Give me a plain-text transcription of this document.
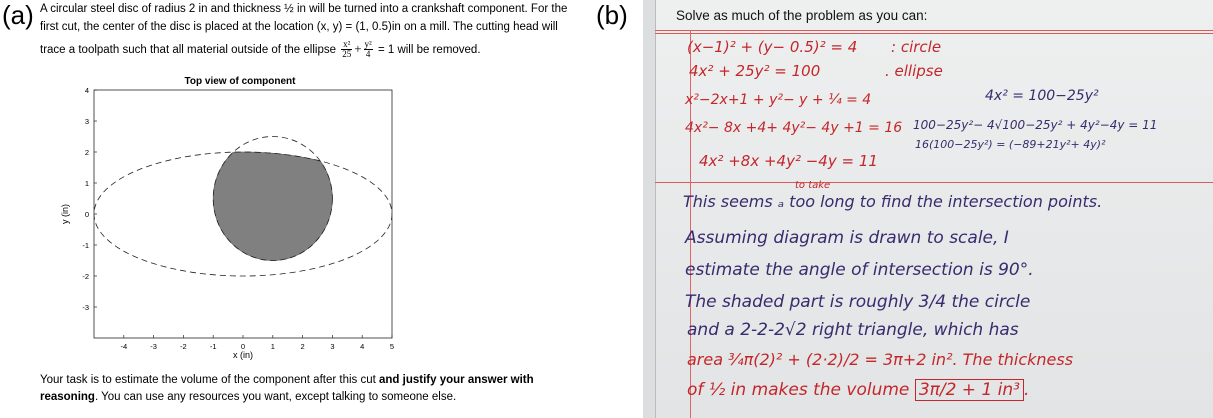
(a) A circular steel disc of radius 2 in and thickness ½ in will be turned into a crankshaft component. For the
first cut, the center of the disc is placed at the location (x, y) = (1, 0.5)in on a mill. The cutting head will
trace a toolpath such that all material outside of the ellipse $\frac{\text{x²}}{25} + \frac{\text{y²}}{4} = 1$ will be removed.
Top view of component
-4	-3	-2	-1	0	1	2	3	4	5
-3
-2
-1
0
1
2
3
4
x (in)
y (in)
Your task is to estimate the volume of the component after this cut and justify your answer with
reasoning. You can use any resources you want, except talking to someone else.
(b)	Solve as much of the problem as you can:
(x−1)² + (y− 0.5)² = 4 : circle
4x² + 25y² = 100	. ellipse
x²−2x+1 + y²− y + ¼ = 4	4x² = 100−25y²
4x²− 8x +4+ 4y²− 4y +1 = 16 100−25y²− 4√100−25y² + 4y²−4y = 11
16(100−25y²) = (−89+21y²+ 4y)²
4x² +8x +4y² −4y = 11
to take
This seems ₐ too long to find the intersection points.
Assuming diagram is drawn to scale, I
estimate the angle of intersection is 90°.
The shaded part is roughly 3/4 the circle
and a 2-2-2√2 right triangle, which has
area ¾π(2)² + (2·2)/2 = 3π+2 in². The thickness
of ½ in makes the volume 3π/2 + 1 in³ .
